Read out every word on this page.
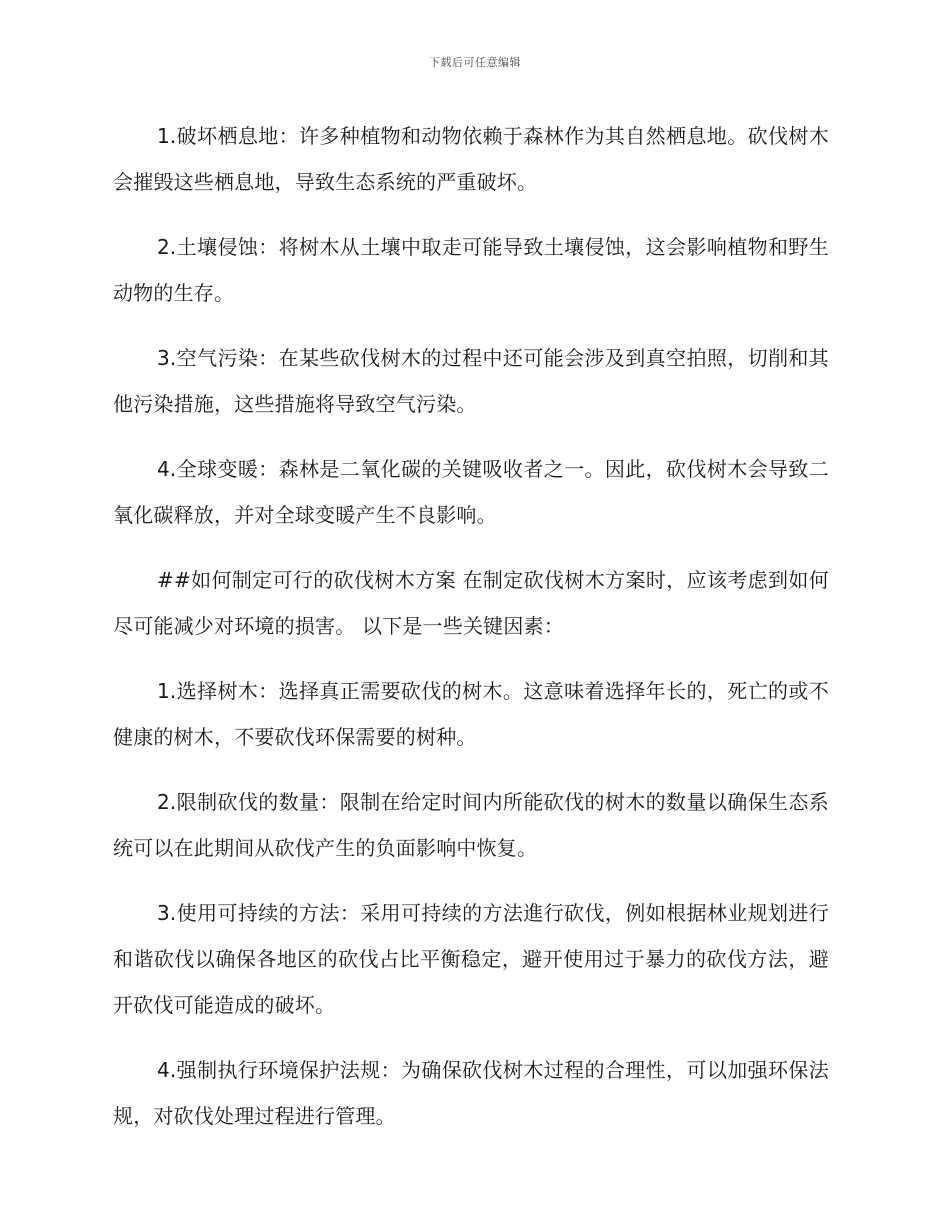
下载后可任意编辑

1.破坏栖息地：许多种植物和动物依赖于森林作为其自然栖息地。砍伐树木会摧毁这些栖息地，导致生态系统的严重破坏。

2.土壤侵蚀：将树木从土壤中取走可能导致土壤侵蚀，这会影响植物和野生动物的生存。

3.空气污染：在某些砍伐树木的过程中还可能会涉及到真空拍照，切削和其他污染措施，这些措施将导致空气污染。

4.全球变暖：森林是二氧化碳的关键吸收者之一。因此，砍伐树木会导致二氧化碳释放，并对全球变暖产生不良影响。

##如何制定可行的砍伐树木方案 在制定砍伐树木方案时，应该考虑到如何尽可能减少对环境的损害。 以下是一些关键因素：

1.选择树木：选择真正需要砍伐的树木。这意味着选择年长的，死亡的或不健康的树木，不要砍伐环保需要的树种。

2.限制砍伐的数量：限制在给定时间内所能砍伐的树木的数量以确保生态系统可以在此期间从砍伐产生的负面影响中恢复。

3.使用可持续的方法：采用可持续的方法進行砍伐，例如根据林业规划进行和谐砍伐以确保各地区的砍伐占比平衡稳定，避开使用过于暴力的砍伐方法，避开砍伐可能造成的破坏。

4.强制执行环境保护法规：为确保砍伐树木过程的合理性，可以加强环保法规，对砍伐处理过程进行管理。
